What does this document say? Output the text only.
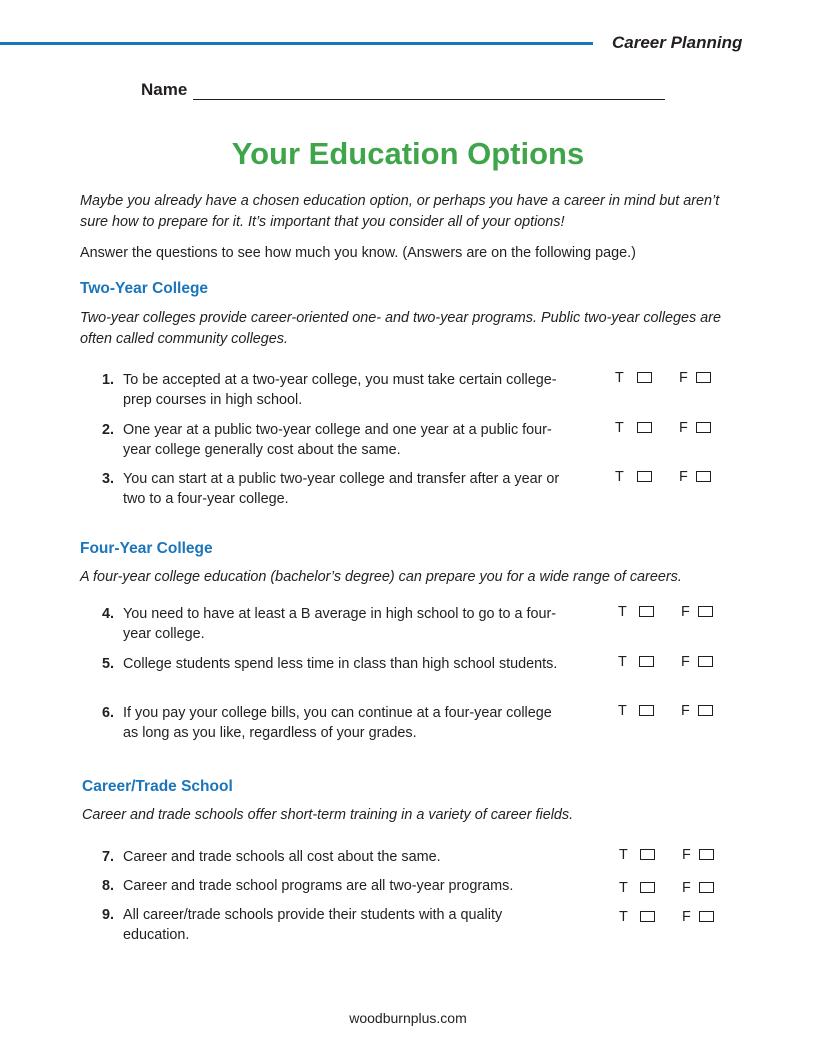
Career Planning
Name
Your Education Options
Maybe you already have a chosen education option, or perhaps you have a career in mind but aren’t sure how to prepare for it. It’s important that you consider all of your options!
Answer the questions to see how much you know. (Answers are on the following page.)
Two-Year College
Two-year colleges provide career-oriented one- and two-year programs. Public two-year colleges are often called community colleges.
1. To be accepted at a two-year college, you must take certain college-prep courses in high school.
T	F
2. One year at a public two-year college and one year at a public four-year college generally cost about the same.
T	F
3. You can start at a public two-year college and transfer after a year or two to a four-year college.
T	F
Four-Year College
A four-year college education (bachelor’s degree) can prepare you for a wide range of careers.
4. You need to have at least a B average in high school to go to a four-year college.
T	F
5. College students spend less time in class than high school students.	T	F
6. If you pay your college bills, you can continue at a four-year college as long as you like, regardless of your grades.
T	F
Career/Trade School
Career and trade schools offer short-term training in a variety of career fields.
7. Career and trade schools all cost about the same.	T	F
8. Career and trade school programs are all two-year programs.	T	F
9. All career/trade schools provide their students with a quality education.
T	F
woodburnplus.com
